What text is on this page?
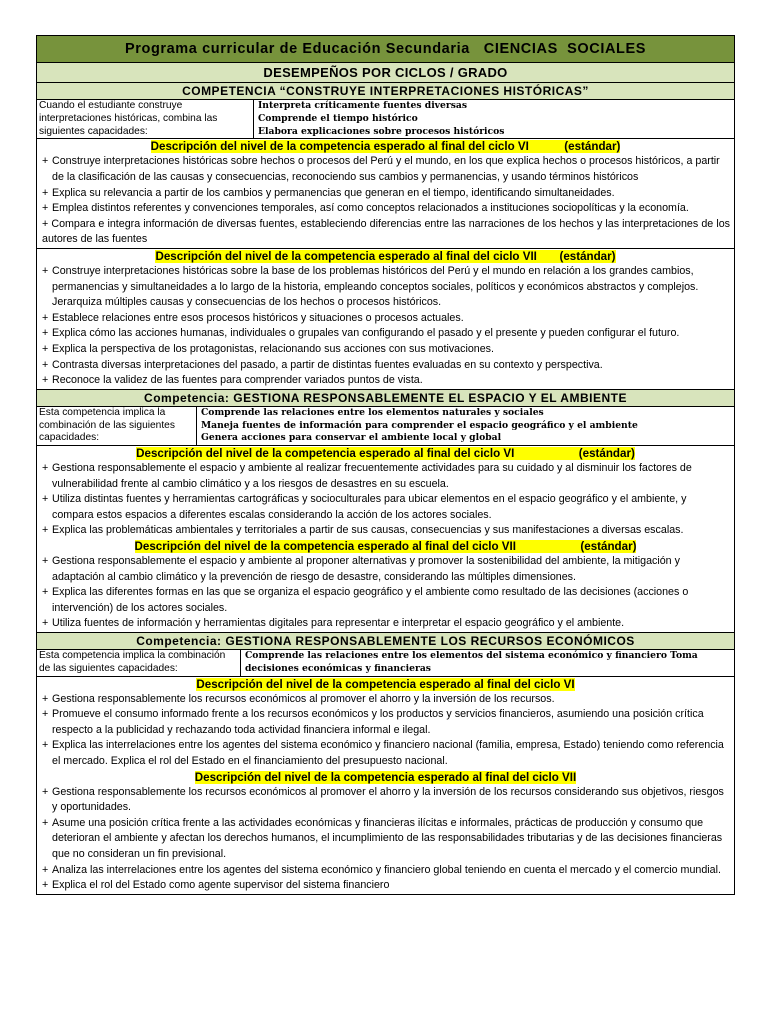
Programa curricular de Educación Secundaria   CIENCIAS  SOCIALES
DESEMPEÑOS POR CICLOS / GRADO
COMPETENCIA “CONSTRUYE INTERPRETACIONES HISTÓRICAS”
Cuando el estudiante construye interpretaciones históricas, combina las siguientes capacidades:
Interpreta críticamente fuentes diversas
Comprende el tiempo histórico
Elabora explicaciones sobre procesos históricos
Descripción del nivel de la competencia esperado al final del ciclo VI           (estándar)
+ Construye interpretaciones históricas sobre hechos o procesos del Perú y el mundo, en los que explica hechos o procesos históricos, a partir de la clasificación de las causas y consecuencias, reconociendo sus cambios y permanencias, y usando términos históricos
+ Explica su relevancia a partir de los cambios y permanencias que generan en el tiempo, identificando simultaneidades.
+ Emplea distintos referentes y convenciones temporales, así como conceptos relacionados a instituciones sociopolíticas y la economía.
+ Compara e integra información de diversas fuentes, estableciendo diferencias entre las narraciones de los hechos y las interpretaciones de los autores de las fuentes
Descripción del nivel de la competencia esperado al final del ciclo VII       (estándar)
+ Construye interpretaciones históricas sobre la base de los problemas históricos del Perú y el mundo en relación a los grandes cambios, permanencias y simultaneidades a lo largo de la historia, empleando conceptos sociales, políticos y económicos abstractos y complejos. Jerarquiza múltiples causas y consecuencias de los hechos o procesos históricos.
+ Establece relaciones entre esos procesos históricos y situaciones o procesos actuales.
+ Explica cómo las acciones humanas, individuales o grupales van configurando el pasado y el presente y pueden configurar el futuro.
+ Explica la perspectiva de los protagonistas, relacionando sus acciones con sus motivaciones.
+ Contrasta diversas interpretaciones del pasado, a partir de distintas fuentes evaluadas en su contexto y perspectiva.
+ Reconoce la validez de las fuentes para comprender variados puntos de vista.
Competencia: GESTIONA RESPONSABLEMENTE EL ESPACIO Y EL AMBIENTE
Esta competencia implica la combinación de las siguientes capacidades:
Comprende las relaciones entre los elementos naturales y sociales
Maneja fuentes de información para comprender el espacio geográfico y el ambiente
Genera acciones para conservar el ambiente local y global
Descripción del nivel de la competencia esperado al final del ciclo VI                    (estándar)
+ Gestiona responsablemente el espacio y ambiente al realizar frecuentemente actividades para su cuidado y al disminuir los factores de vulnerabilidad frente al cambio climático y a los riesgos de desastres en su escuela.
+ Utiliza distintas fuentes y herramientas cartográficas y socioculturales para ubicar elementos en el espacio geográfico y el ambiente, y compara estos espacios a diferentes escalas considerando la acción de los actores sociales.
+ Explica las problemáticas ambientales y territoriales a partir de sus causas, consecuencias y sus manifestaciones a diversas escalas.
Descripción del nivel de la competencia esperado al final del ciclo VII                    (estándar)
+ Gestiona responsablemente el espacio y ambiente al proponer alternativas y promover la sostenibilidad del ambiente, la mitigación y adaptación al cambio climático y la prevención de riesgo de desastre, considerando las múltiples dimensiones.
+ Explica las diferentes formas en las que se organiza el espacio geográfico y el ambiente como resultado de las decisiones (acciones o intervención) de los actores sociales.
+ Utiliza fuentes de información y herramientas digitales para representar e interpretar el espacio geográfico y el ambiente.
Competencia: GESTIONA RESPONSABLEMENTE LOS RECURSOS ECONÓMICOS
Esta competencia implica la combinación de las siguientes capacidades:
Comprende las relaciones entre los elementos del sistema económico y financiero Toma decisiones económicas y financieras
Descripción del nivel de la competencia esperado al final del ciclo VI
+ Gestiona responsablemente los recursos económicos al promover el ahorro y la inversión de los recursos.
+ Promueve el consumo informado frente a los recursos económicos y los productos y servicios financieros, asumiendo una posición crítica respecto a la publicidad y rechazando toda actividad financiera informal e ilegal.
+ Explica las interrelaciones entre los agentes del sistema económico y financiero nacional (familia, empresa, Estado) teniendo como referencia el mercado. Explica el rol del Estado en el financiamiento del presupuesto nacional.
Descripción del nivel de la competencia esperado al final del ciclo VII
+ Gestiona responsablemente los recursos económicos al promover el ahorro y la inversión de los recursos considerando sus objetivos, riesgos y oportunidades.
+ Asume una posición crítica frente a las actividades económicas y financieras ilícitas e informales, prácticas de producción y consumo que deterioran el ambiente y afectan los derechos humanos, el incumplimiento de las responsabilidades tributarias y de las decisiones financieras que no consideran un fin previsional.
+ Analiza las interrelaciones entre los agentes del sistema económico y financiero global teniendo en cuenta el mercado y el comercio mundial.
+ Explica el rol del Estado como agente supervisor del sistema financiero
